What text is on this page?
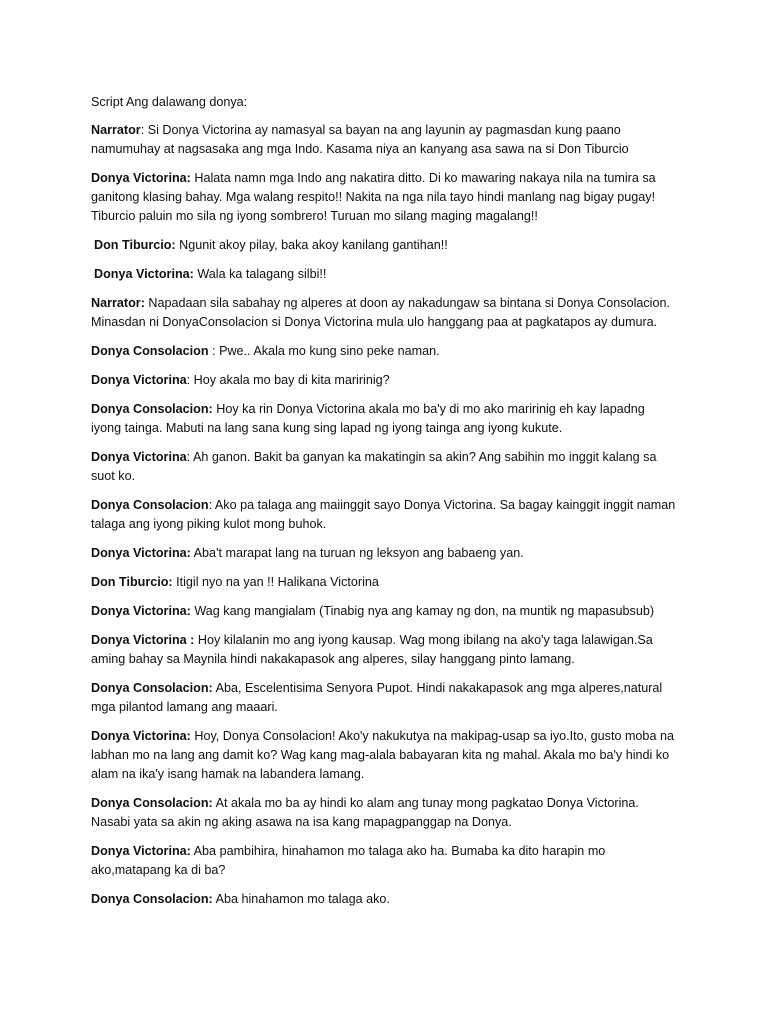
Script Ang dalawang donya:

Narrator: Si Donya Victorina ay namasyal sa bayan na ang layunin ay pagmasdan kung paano namumuhay at nagsasaka ang mga Indo. Kasama niya an kanyang asa sawa na si Don Tiburcio

Donya Victorina: Halata namn mga Indo ang nakatira ditto. Di ko mawaring nakaya nila na tumira sa ganitong klasing bahay. Mga walang respito!! Nakita na nga nila tayo hindi manlang nag bigay pugay! Tiburcio paluin mo sila ng iyong sombrero! Turuan mo silang maging magalang!!

Don Tiburcio: Ngunit akoy pilay, baka akoy kanilang gantihan!!

Donya Victorina: Wala ka talagang silbi!!

Narrator: Napadaan sila sabahay ng alperes at doon ay nakadungaw sa bintana si Donya Consolacion. Minasdan ni DonyaConsolacion si Donya Victorina mula ulo hanggang paa at pagkatapos ay dumura.

Donya Consolacion : Pwe.. Akala mo kung sino peke naman.

Donya Victorina: Hoy akala mo bay di kita maririnig?

Donya Consolacion: Hoy ka rin Donya Victorina akala mo ba'y di mo ako maririnig eh kay lapadng iyong tainga. Mabuti na lang sana kung sing lapad ng iyong tainga ang iyong kukute.

Donya Victorina: Ah ganon. Bakit ba ganyan ka makatingin sa akin? Ang sabihin mo inggit kalang sa suot ko.

Donya Consolacion: Ako pa talaga ang maiinggit sayo Donya Victorina. Sa bagay kainggit inggit naman talaga ang iyong piking kulot mong buhok.

Donya Victorina: Aba't marapat lang na turuan ng leksyon ang babaeng yan.

Don Tiburcio: Itigil nyo na yan !! Halikana Victorina

Donya Victorina: Wag kang mangialam (Tinabig nya ang kamay ng don, na muntik ng mapasubsub)

Donya Victorina : Hoy kilalanin mo ang iyong kausap. Wag mong ibilang na ako'y taga lalawigan.Sa aming bahay sa Maynila hindi nakakapasok ang alperes, silay hanggang pinto lamang.

Donya Consolacion: Aba, Escelentisima Senyora Pupot. Hindi nakakapasok ang mga alperes,natural mga pilantod lamang ang maaari.

Donya Victorina: Hoy, Donya Consolacion! Ako'y nakukutya na makipag-usap sa iyo.Ito, gusto moba na labhan mo na lang ang damit ko? Wag kang mag-alala babayaran kita ng mahal. Akala mo ba'y hindi ko alam na ika'y isang hamak na labandera lamang.

Donya Consolacion: At akala mo ba ay hindi ko alam ang tunay mong pagkatao Donya Victorina. Nasabi yata sa akin ng aking asawa na isa kang mapagpanggap na Donya.

Donya Victorina: Aba pambihira, hinahamon mo talaga ako ha. Bumaba ka dito harapin mo ako,matapang ka di ba?

Donya Consolacion: Aba hinahamon mo talaga ako.
